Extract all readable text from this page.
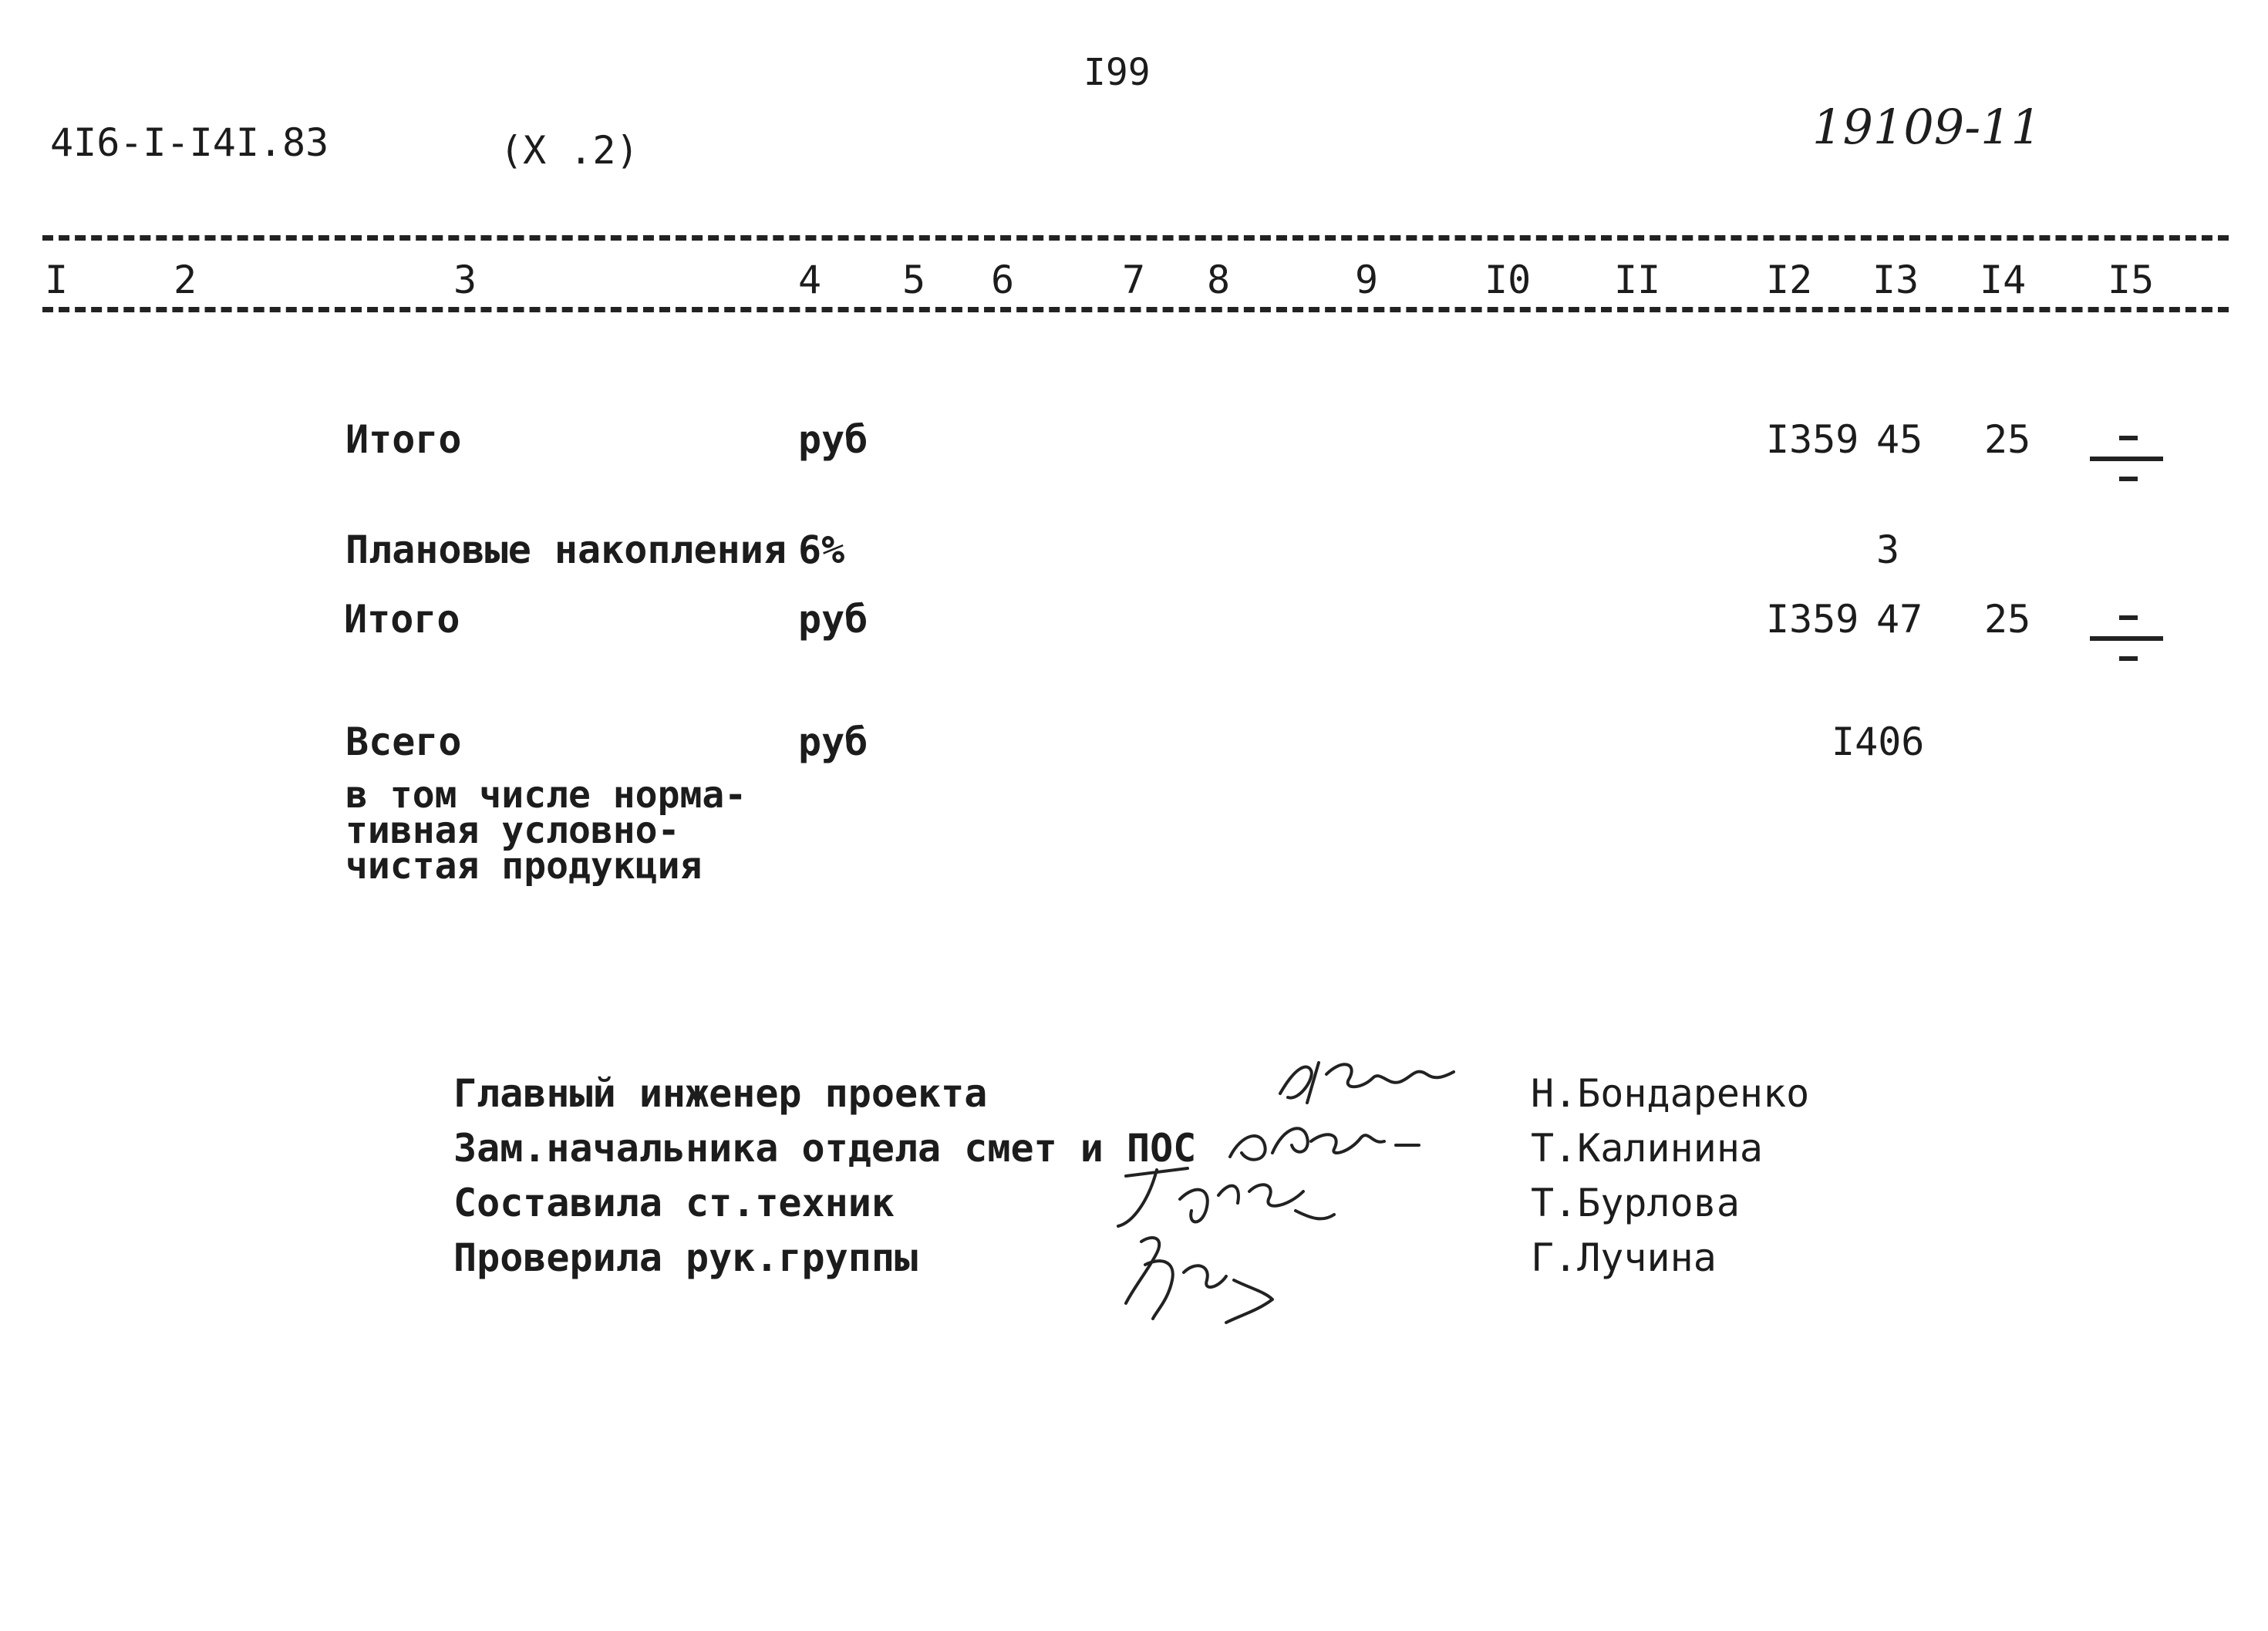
I99
4I6-I-I4I.83	(X .2)	19109-11
I	2	3	4 5 6	7 8	9	I0 II	I2 I3 I4 I5
Итого	руб	I359 45 25
Плановые накопления 6%	3
Итого	руб	I359 47 25
Всего	руб	I406
в том числе норма-
тивная условно-
чистая продукция
Главный инженер проекта	Н.Бондаренко
Зам.начальника отдела смет и ПОС	Т.Калинина
Составила ст.техник	Т.Бурлова
Проверила рук.группы	Г.Лучина
